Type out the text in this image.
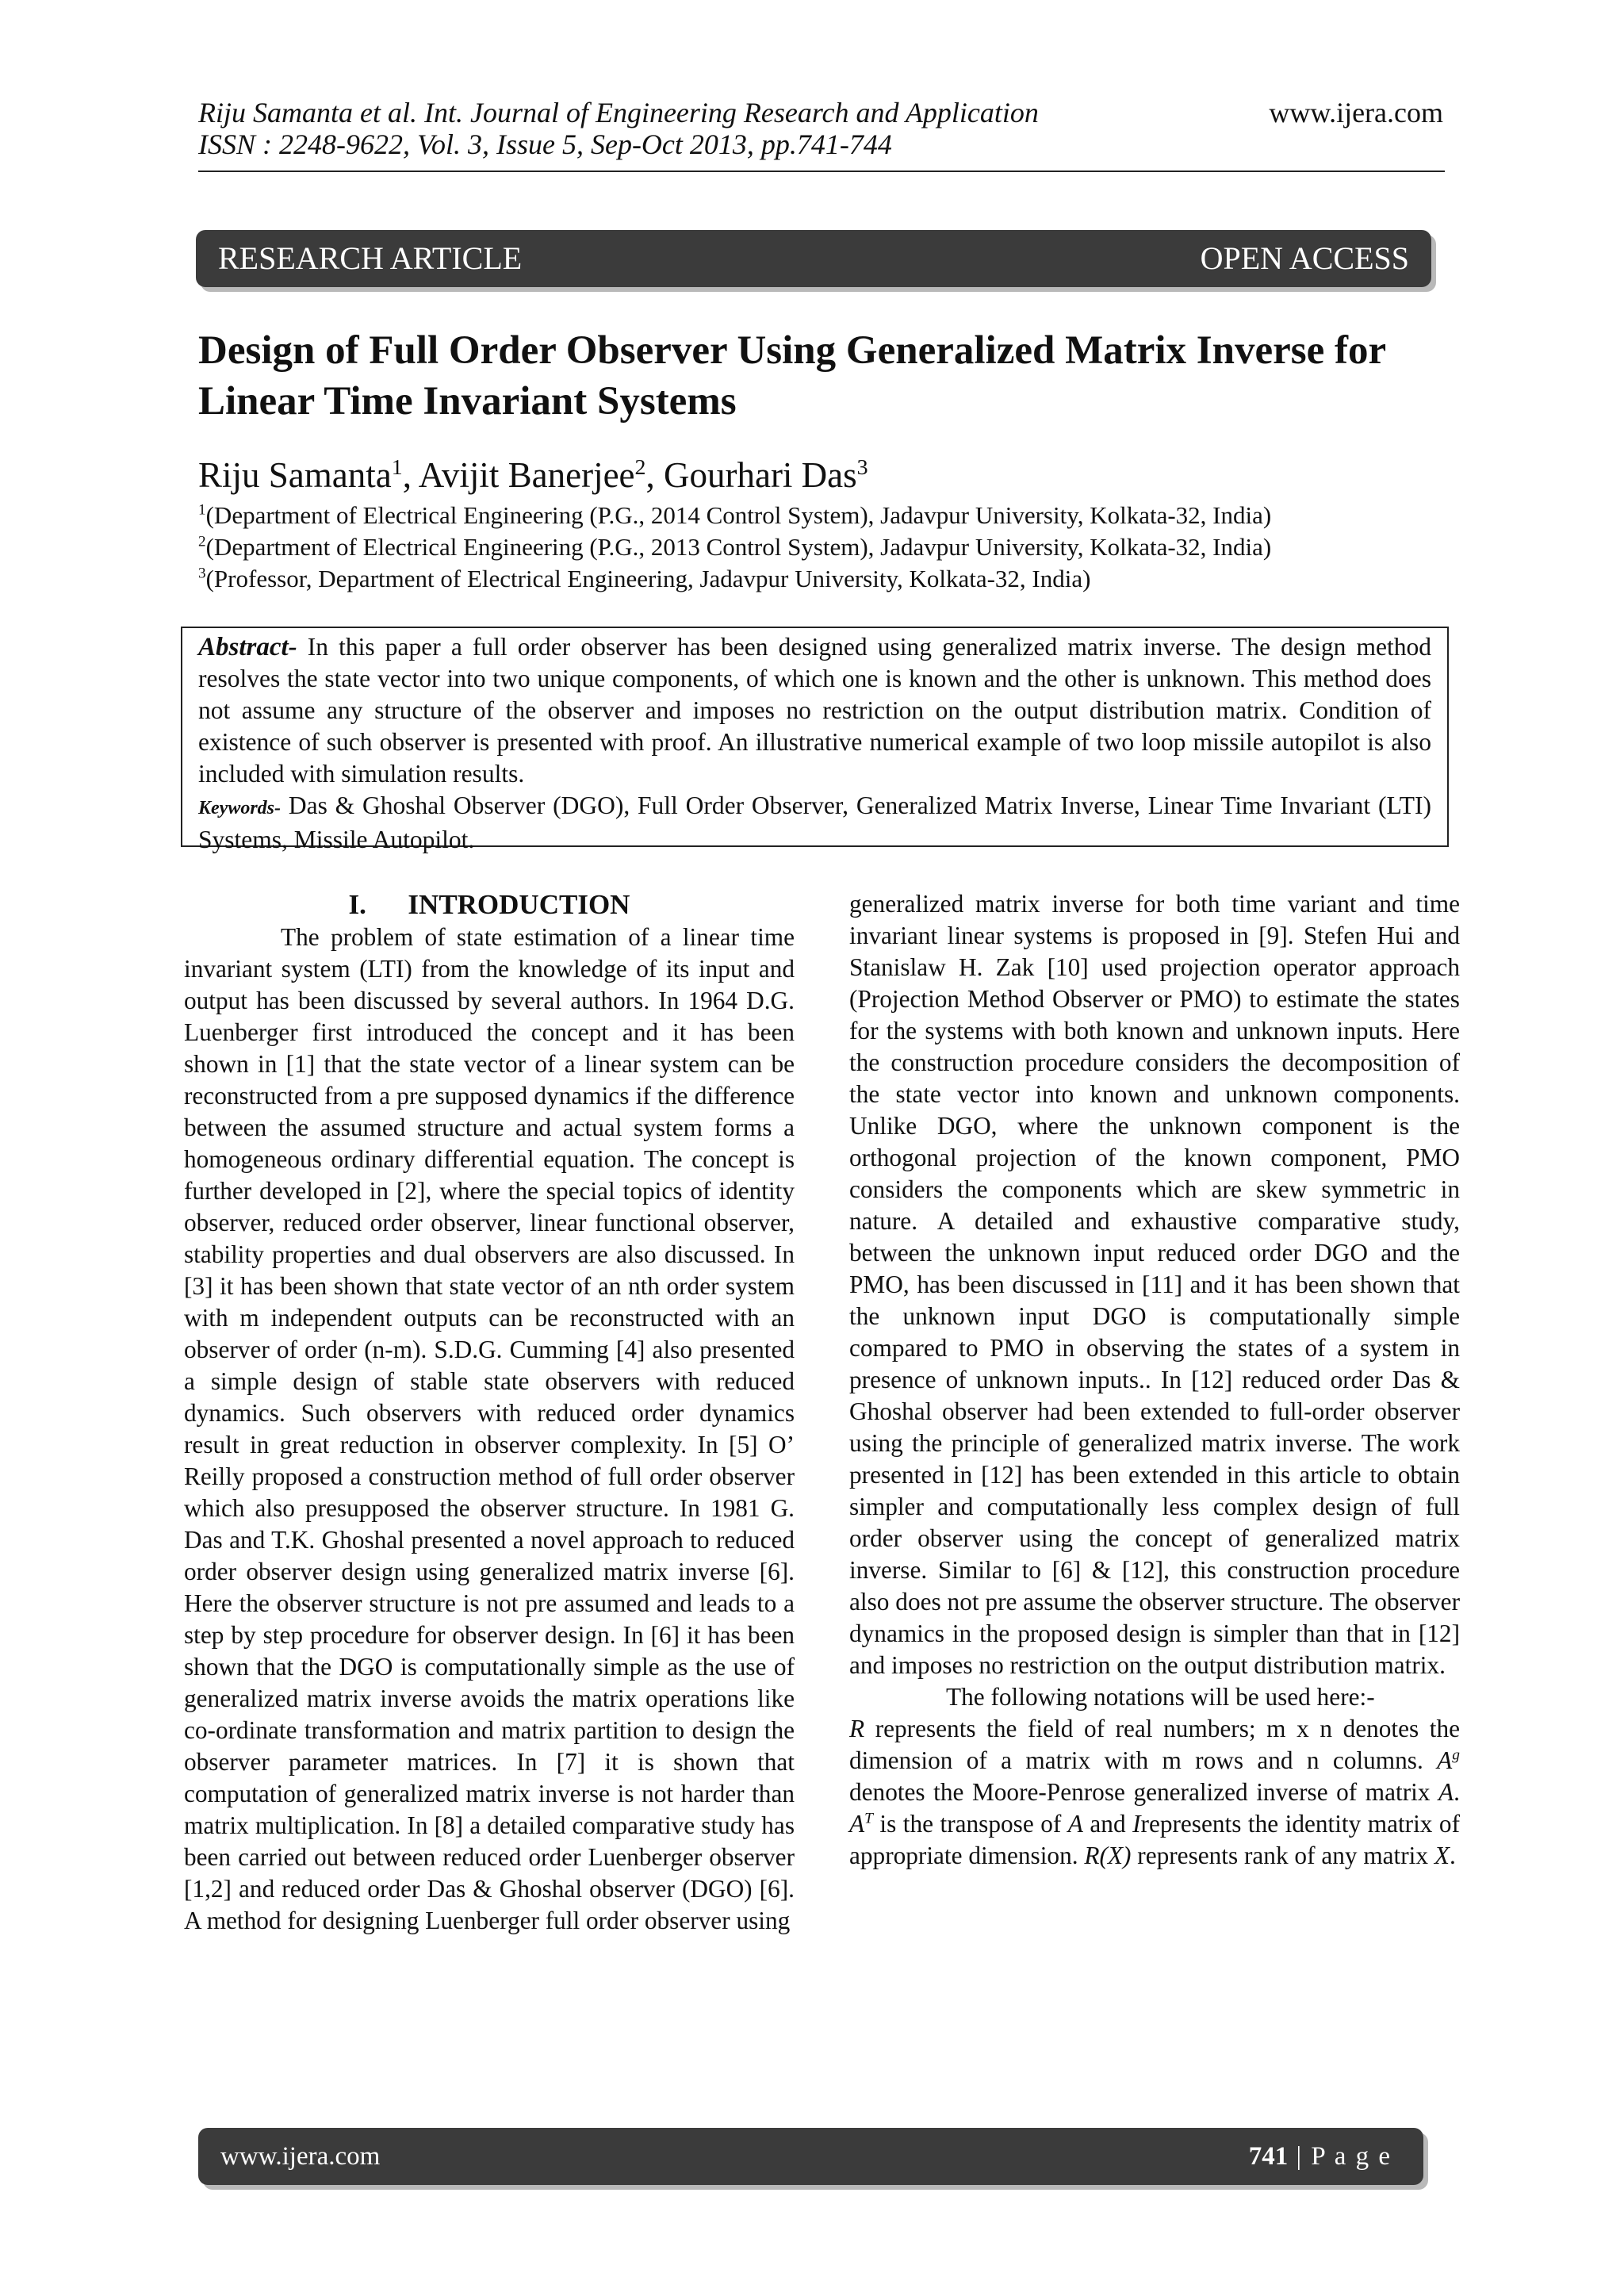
Riju Samanta et al. Int. Journal of Engineering Research and Application
ISSN : 2248-9622, Vol. 3, Issue 5, Sep-Oct 2013, pp.741-744
www.ijera.com
RESEARCH ARTICLE	OPEN ACCESS
Design of Full Order Observer Using Generalized Matrix Inverse for Linear Time Invariant Systems
Riju Samanta$^1$, Avijit Banerjee$^2$, Gourhari Das$^3$
$^1$(Department of Electrical Engineering (P.G., 2014 Control System), Jadavpur University, Kolkata-32, India)
$^2$(Department of Electrical Engineering (P.G., 2013 Control System), Jadavpur University, Kolkata-32, India)
$^3$(Professor, Department of Electrical Engineering, Jadavpur University, Kolkata-32, India)
Abstract- In this paper a full order observer has been designed using generalized matrix inverse. The design method resolves the state vector into two unique components, of which one is known and the other is unknown. This method does not assume any structure of the observer and imposes no restriction on the output distribution matrix. Condition of existence of such observer is presented with proof. An illustrative numerical example of two loop missile autopilot is also included with simulation results.
Keywords- Das & Ghoshal Observer (DGO), Full Order Observer, Generalized Matrix Inverse, Linear Time Invariant (LTI) Systems, Missile Autopilot.
I.      INTRODUCTION

The problem of state estimation of a linear time invariant system (LTI) from the knowledge of its input and output has been discussed by several authors. In 1964 D.G. Luenberger first introduced the concept and it has been shown in [1] that the state vector of a linear system can be reconstructed from a pre supposed dynamics if the difference between the assumed structure and actual system forms a homogeneous ordinary differential equation. The concept is further developed in [2], where the special topics of identity observer, reduced order observer, linear functional observer, stability properties and dual observers are also discussed. In [3] it has been shown that state vector of an nth order system with m independent outputs can be reconstructed with an observer of order (n-m). S.D.G. Cumming [4] also presented a simple design of stable state observers with reduced dynamics. Such observers with reduced order dynamics result in great reduction in observer complexity. In [5] O’ Reilly proposed a construction method of full order observer which also presupposed the observer structure. In 1981 G. Das and T.K. Ghoshal presented a novel approach to reduced order observer design using generalized matrix inverse [6]. Here the observer structure is not pre assumed and leads to a step by step procedure for observer design. In [6] it has been shown that the DGO is computationally simple as the use of generalized matrix inverse avoids the matrix operations like co-ordinate transformation and matrix partition to design the observer parameter matrices. In [7] it is shown that computation of generalized matrix inverse is not harder than matrix multiplication. In [8] a detailed comparative study has been carried out between reduced order Luenberger observer [1,2] and reduced order Das & Ghoshal observer (DGO) [6]. A method for designing Luenberger full order observer using

generalized matrix inverse for both time variant and time invariant linear systems is proposed in [9]. Stefen Hui and Stanislaw H. Zak [10] used projection operator approach (Projection Method Observer or PMO) to estimate the states for the systems with both known and unknown inputs. Here the construction procedure considers the decomposition of the state vector into known and unknown components. Unlike DGO, where the unknown component is the orthogonal projection of the known component, PMO considers the components which are skew symmetric in nature. A detailed and exhaustive comparative study, between the unknown input reduced order DGO and the PMO, has been discussed in [11] and it has been shown that the unknown input DGO is computationally simple compared to PMO in observing the states of a system in presence of unknown inputs.. In [12] reduced order Das & Ghoshal observer had been extended to full-order observer using the principle of generalized matrix inverse. The work presented in [12] has been extended in this article to obtain simpler and computationally less complex design of full order observer using the concept of generalized matrix inverse. Similar to [6] & [12], this construction procedure also does not pre assume the observer structure. The observer dynamics in the proposed design is simpler than that in [12] and imposes no restriction on the output distribution matrix.

The following notations will be used here:-

R represents the field of real numbers; m x n denotes the dimension of a matrix with m rows and n columns. $A^g$ denotes the Moore-Penrose generalized inverse of matrix A. $A^T$ is the transpose of A and Irepresents the identity matrix of appropriate dimension. R(X) represents rank of any matrix X.

www.ijera.com	741 | P a g e
